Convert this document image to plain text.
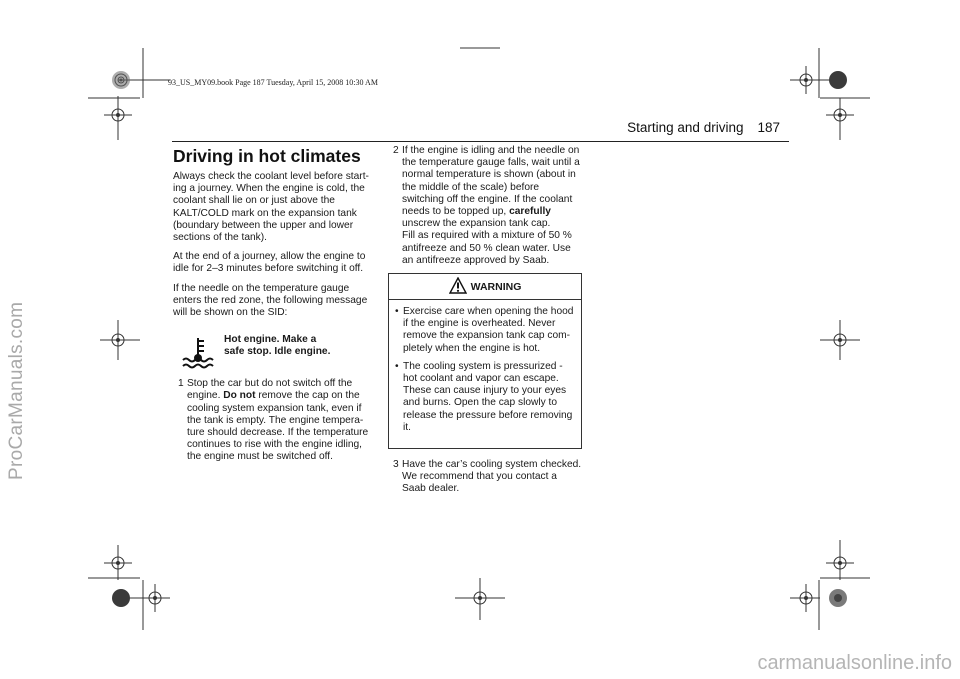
93_US_MY09.book Page 187 Tuesday, April 15, 2008 10:30 AM
ProCarManuals.com
carmanualsonline.info
Starting and driving 187
Driving in hot climates

Always check the coolant level before start-ing a journey. When the engine is cold, the coolant shall lie on or just above the KALT/COLD mark on the expansion tank (boundary between the upper and lower sections of the tank).

At the end of a journey, allow the engine to idle for 2–3 minutes before switching it off.

If the needle on the temperature gauge enters the red zone, the following message will be shown on the SID:

Hot engine. Make a
safe stop. Idle engine.
1 Stop the car but do not switch off the engine. Do not remove the cap on the cooling system expansion tank, even if the tank is empty. The engine tempera-ture should decrease. If the temperature continues to rise with the engine idling, the engine must be switched off.
2 If the engine is idling and the needle on the temperature gauge falls, wait until a normal temperature is shown (about in the middle of the scale) before switching off the engine. If the coolant needs to be topped up, carefully unscrew the expansion tank cap.
Fill as required with a mixture of 50 % antifreeze and 50 % clean water. Use an antifreeze approved by Saab.
WARNING
• Exercise care when opening the hood if the engine is overheated. Never remove the expansion tank cap com-pletely when the engine is hot.
• The cooling system is pressurized - hot coolant and vapor can escape. These can cause injury to your eyes and burns. Open the cap slowly to release the pressure before removing it.
3 Have the car’s cooling system checked. We recommend that you contact a Saab dealer.
